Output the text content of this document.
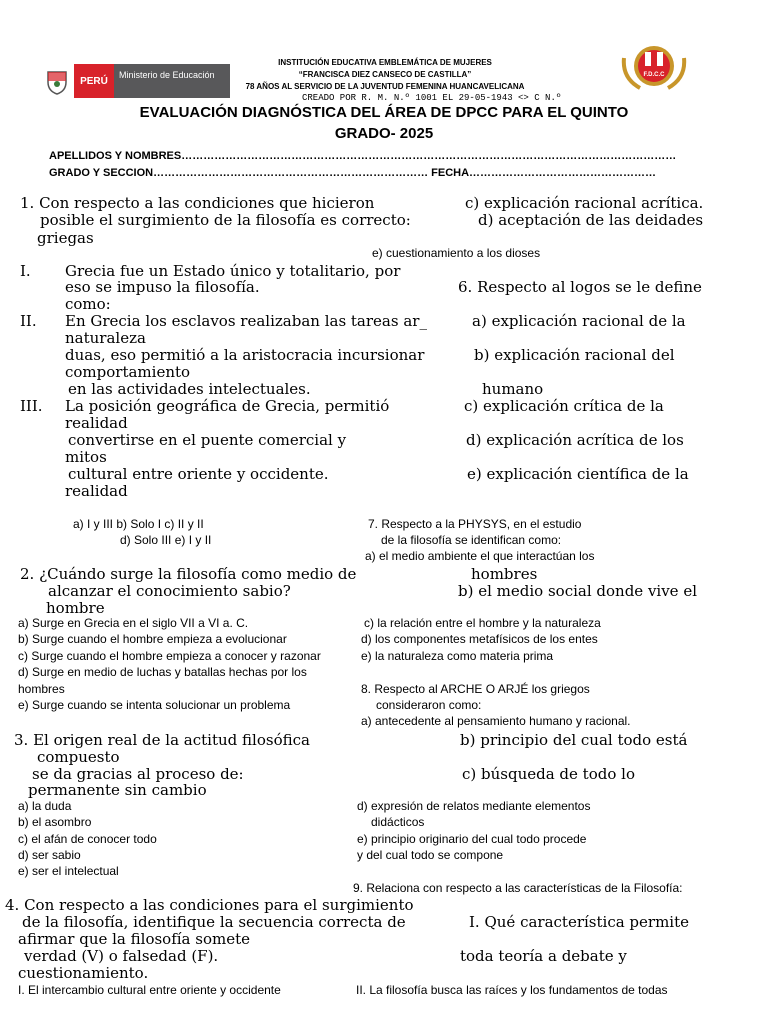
PERÚ
Ministerio de Educación
INSTITUCIÓN EDUCATIVA EMBLEMÁTICA DE MUJERES
“FRANCISCA DIEZ CANSECO DE CASTILLA”
78 AÑOS AL SERVICIO DE LA JUVENTUD FEMENINA HUANCAVELICANA
CREADO POR R. M. N.º 1001 EL 29-05-1943 <> C N.º
F.D.C.C
EVALUACIÓN DIAGNÓSTICA DEL ÁREA DE DPCC PARA EL QUINTO
GRADO- 2025
APELLIDOS Y NOMBRES………………………………………………………………………………………………………………………
GRADO Y SECCION………………………………………………………………… FECHA……………………………………………
1. Con respecto a las condiciones que hicieron	c) explicación racional acrítica.
posible el surgimiento de la filosofía es correcto:	d) aceptación de las deidades
griegas
e) cuestionamiento a los dioses
I. Grecia fue un Estado único y totalitario, por
eso se impuso la filosofía.	6. Respecto al logos se le define
como:
II. En Grecia los esclavos realizaban las tareas ar_	a) explicación racional de la
naturaleza
duas, eso permitió a la aristocracia incursionar	b) explicación racional del
comportamiento
en las actividades intelectuales.	humano
III. La posición geográfica de Grecia, permitió	c) explicación crítica de la
realidad
convertirse en el puente comercial y	d) explicación acrítica de los
mitos
cultural entre oriente y occidente.	e) explicación científica de la
realidad
a) I y III b) Solo I c) II y II	7. Respecto a la PHYSYS, en el estudio
d) Solo III e) I y II	de la filosofía se identifican como:
a) el medio ambiente el que interactúan los
2. ¿Cuándo surge la filosofía como medio de	hombres
alcanzar el conocimiento sabio?	b) el medio social donde vive el
hombre
a) Surge en Grecia en el siglo VII a VI a. C.	c) la relación entre el hombre y la naturaleza
b) Surge cuando el hombre empieza a evolucionar	d) los componentes metafísicos de los entes
c) Surge cuando el hombre empieza a conocer y razonar	e) la naturaleza como materia prima
d) Surge en medio de luchas y batallas hechas por los
hombres	8. Respecto al ARCHE O ARJÉ los griegos
e) Surge cuando se intenta solucionar un problema	consideraron como:
a) antecedente al pensamiento humano y racional.
3. El origen real de la actitud filosófica	b) principio del cual todo está
compuesto
se da gracias al proceso de:	c) búsqueda de todo lo
permanente sin cambio
a) la duda	d) expresión de relatos mediante elementos
b) el asombro	didácticos
c) el afán de conocer todo	e) principio originario del cual todo procede
d) ser sabio	y del cual todo se compone
e) ser el intelectual
9. Relaciona con respecto a las características de la Filosofía:
4. Con respecto a las condiciones para el surgimiento
de la filosofía, identifique la secuencia correcta de	I. Qué característica permite
afirmar que la filosofía somete
verdad (V) o falsedad (F).	toda teoría a debate y
cuestionamiento.
I. El intercambio cultural entre oriente y occidente	II. La filosofía busca las raíces y los fundamentos de todas
